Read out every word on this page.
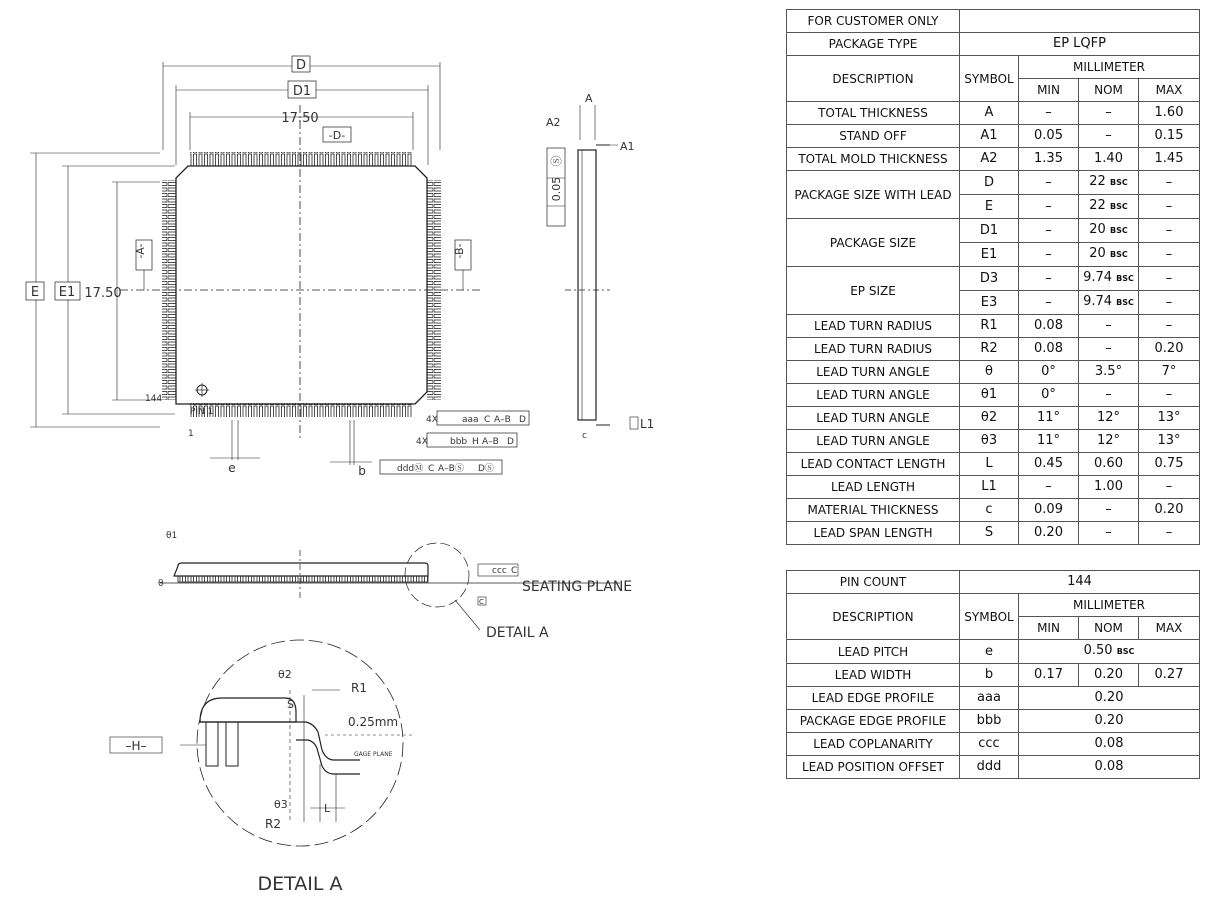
D
D1
17.50
-D-
E E1 17.50
-A-	-B-
144
PIN 1
1
e	b
4X	aaa C A–B D
4X bbb H A–B D
dddⓂ C A–BⓈ DⓈ
A
A2
A1
0.05
Ⓢ
L1
c
θ1
θ
ccc C
SEATING PLANE
C
DETAIL A
θ2
S
R1
0.25mm
GAGE PLANE
–H–
θ3
R2
L
DETAIL A
FOR CUSTOMER ONLY				
PACKAGE TYPE	EP LQFP			
DESCRIPTION	SYMBOL	MILLIMETER		
		MIN	NOM	MAX
TOTAL THICKNESS	A	–	–	1.60
STAND OFF	A1	0.05	–	0.15
TOTAL MOLD THICKNESS	A2	1.35	1.40	1.45
PACKAGE SIZE WITH LEAD	D	–	22 BSC	–
	E	–	22 BSC	–
PACKAGE SIZE	D1	–	20 BSC	–
	E1	–	20 BSC	–
EP SIZE	D3	–	9.74 BSC	–
	E3	–	9.74 BSC	–
LEAD TURN RADIUS	R1	0.08	–	–
LEAD TURN RADIUS	R2	0.08	–	0.20
LEAD TURN ANGLE	θ	0°	3.5°	7°
LEAD TURN ANGLE	θ1	0°	–	–
LEAD TURN ANGLE	θ2	11°	12°	13°
LEAD TURN ANGLE	θ3	11°	12°	13°
LEAD CONTACT LENGTH	L	0.45	0.60	0.75
LEAD LENGTH	L1	–	1.00	–
MATERIAL THICKNESS	c	0.09	–	0.20
LEAD SPAN LENGTH	S	0.20	–	–
PIN COUNT	144			
DESCRIPTION	SYMBOL	MILLIMETER		
		MIN	NOM	MAX
LEAD PITCH	e	0.50 BSC		
LEAD WIDTH	b	0.17	0.20	0.27
LEAD EDGE PROFILE	aaa	0.20		
PACKAGE EDGE PROFILE	bbb	0.20		
LEAD COPLANARITY	ccc	0.08		
LEAD POSITION OFFSET	ddd	0.08		
